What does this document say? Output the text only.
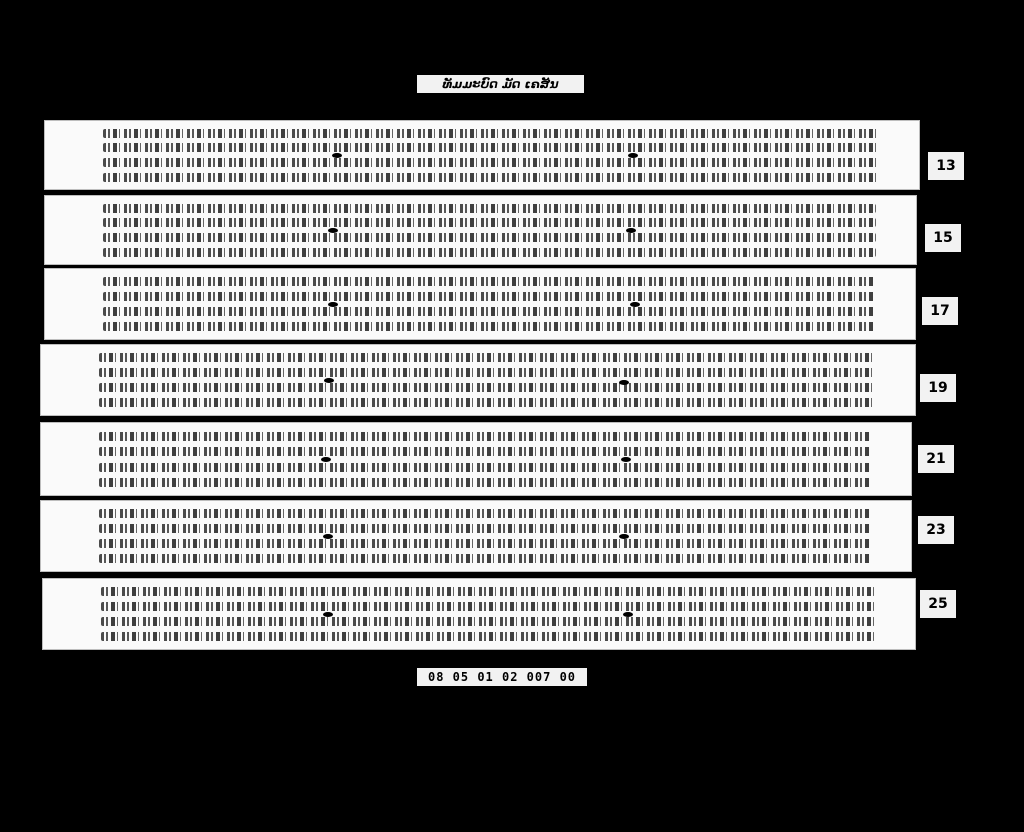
ທັມມະບົດ ມັດ ເຄສັນ
13
15
17
19
21
23
25
08 05 01 02 007 00
